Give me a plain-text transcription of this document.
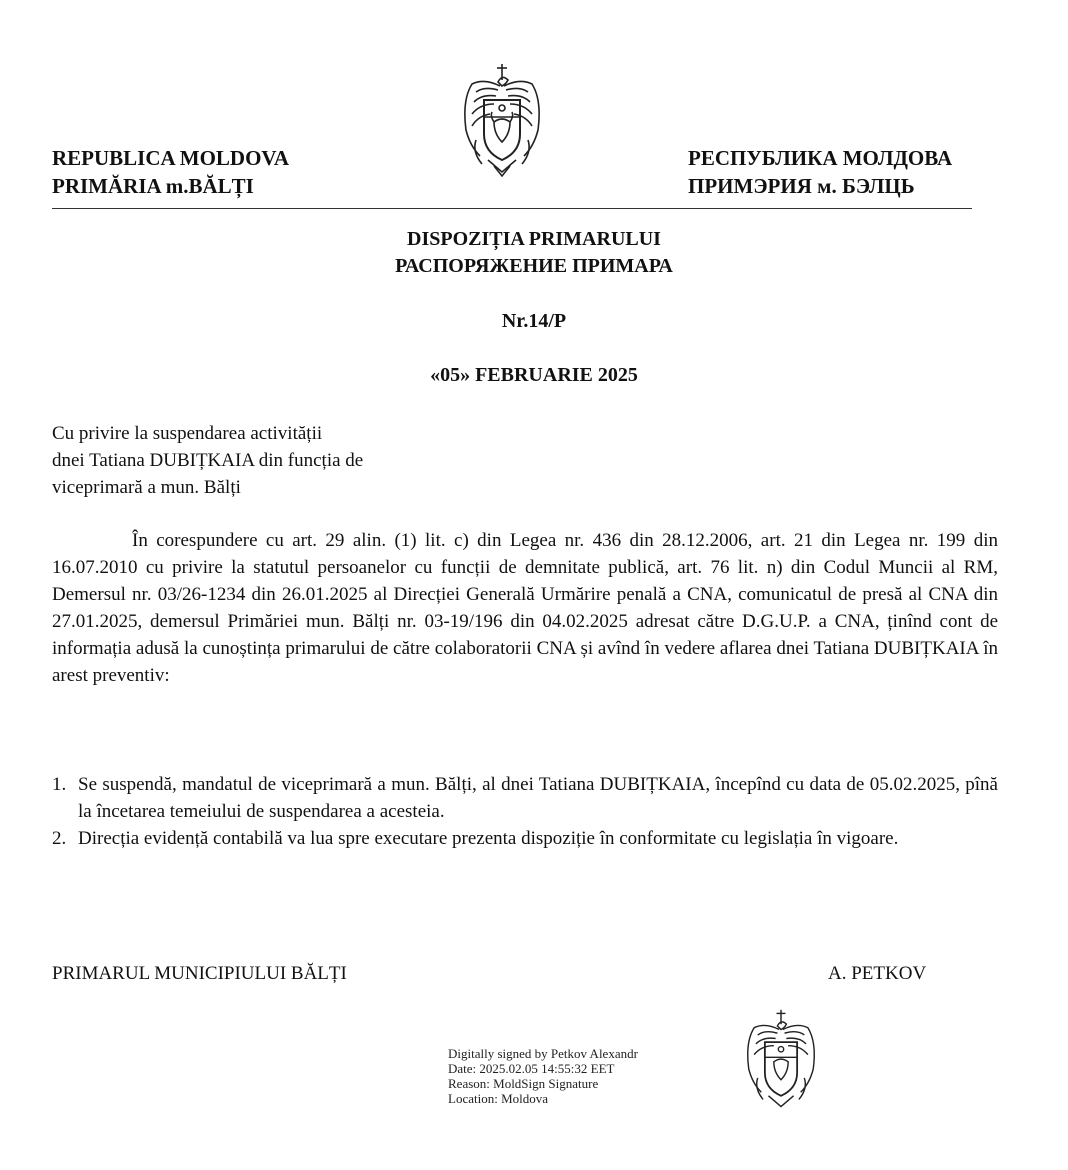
REPUBLICA MOLDOVA
PRIMĂRIA m.BĂLȚI
РЕСПУБЛИКА МОЛДОВА
ПРИМЭРИЯ м. БЭЛЦЬ
DISPOZIȚIA PRIMARULUI
РАСПОРЯЖЕНИЕ ПРИМАРА
Nr.14/P
«05» FEBRUARIE 2025
Cu privire la suspendarea activității
dnei Tatiana DUBIȚKAIA din funcția de
viceprimară a mun. Bălți

În corespundere cu art. 29 alin. (1) lit. c) din Legea nr. 436 din 28.12.2006, art. 21 din Legea nr. 199 din 16.07.2010 cu privire la statutul persoanelor cu funcții de demnitate publică, art. 76 lit. n) din Codul Muncii al RM, Demersul nr. 03/26-1234 din 26.01.2025 al Direcției Generală Urmărire penală a CNA, comunicatul de presă al CNA din 27.01.2025, demersul Primăriei mun. Bălți nr. 03-19/196 din 04.02.2025 adresat către D.G.U.P. a CNA, ținînd cont de informația adusă la cunoștința primarului de către colaboratorii CNA și avînd în vedere aflarea dnei Tatiana DUBIȚKAIA în arest preventiv:

1. Se suspendă, mandatul de viceprimară a mun. Bălți, al dnei Tatiana DUBIȚKAIA, începînd cu data de 05.02.2025, pînă la încetarea temeiului de suspendarea a acesteia.
2. Direcția evidență contabilă va lua spre executare prezenta dispoziție în conformitate cu legislația în vigoare.
PRIMARUL MUNICIPIULUI BĂLȚI	A. PETKOV
Digitally signed by Petkov Alexandr
Date: 2025.02.05 14:55:32 EET
Reason: MoldSign Signature
Location: Moldova
